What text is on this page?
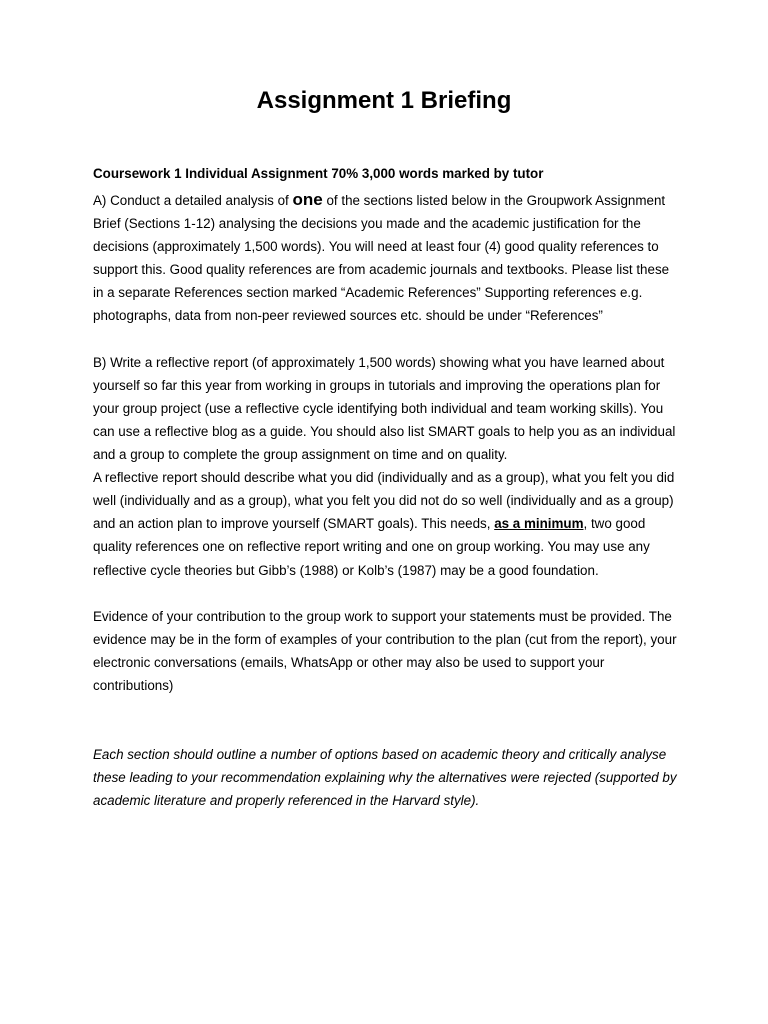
Assignment 1 Briefing

Coursework 1 Individual Assignment 70% 3,000 words marked by tutor

A) Conduct a detailed analysis of one of the sections listed below in the Groupwork Assignment Brief (Sections 1-12) analysing the decisions you made and the academic justification for the decisions (approximately 1,500 words). You will need at least four (4) good quality references to support this. Good quality references are from academic journals and textbooks. Please list these in a separate References section marked “Academic References” Supporting references e.g. photographs, data from non-peer reviewed sources etc. should be under “References”

B) Write a reflective report (of approximately 1,500 words) showing what you have learned about yourself so far this year from working in groups in tutorials and improving the operations plan for your group project (use a reflective cycle identifying both individual and team working skills). You can use a reflective blog as a guide. You should also list SMART goals to help you as an individual and a group to complete the group assignment on time and on quality.

A reflective report should describe what you did (individually and as a group), what you felt you did well (individually and as a group), what you felt you did not do so well (individually and as a group) and an action plan to improve yourself (SMART goals). This needs, as a minimum, two good quality references one on reflective report writing and one on group working. You may use any reflective cycle theories but Gibb’s (1988) or Kolb’s (1987) may be a good foundation.

Evidence of your contribution to the group work to support your statements must be provided. The evidence may be in the form of examples of your contribution to the plan (cut from the report), your electronic conversations (emails, WhatsApp or other may also be used to support your contributions)

Each section should outline a number of options based on academic theory and critically analyse these leading to your recommendation explaining why the alternatives were rejected (supported by academic literature and properly referenced in the Harvard style).
